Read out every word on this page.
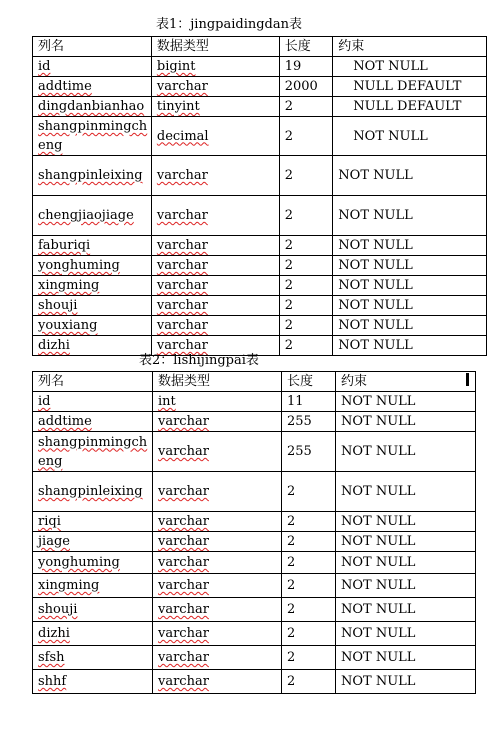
表1：jingpaidingdan表
列名	数据类型	长度	约束
id	bigint	19	NOT NULL
addtime	varchar	2000	NULL DEFAULT
dingdanbianhao	tinyint	2	NULL DEFAULT
shangpinmingcheng	decimal	2	NOT NULL
shangpinleixing	varchar	2	NOT NULL
chengjiaojiage	varchar	2	NOT NULL
faburiqi	varchar	2	NOT NULL
yonghuming	varchar	2	NOT NULL
xingming	varchar	2	NOT NULL
shouji	varchar	2	NOT NULL
youxiang	varchar	2	NOT NULL
dizhi	varchar	2	NOT NULL
表2：lishijingpai表
列名	数据类型	长度	约束
id	int	11	NOT NULL
addtime	varchar	255	NOT NULL
shangpinmingcheng	varchar	255	NOT NULL
shangpinleixing	varchar	2	NOT NULL
riqi	varchar	2	NOT NULL
jiage	varchar	2	NOT NULL
yonghuming	varchar	2	NOT NULL
xingming	varchar	2	NOT NULL
shouji	varchar	2	NOT NULL
dizhi	varchar	2	NOT NULL
sfsh	varchar	2	NOT NULL
shhf	varchar	2	NOT NULL
